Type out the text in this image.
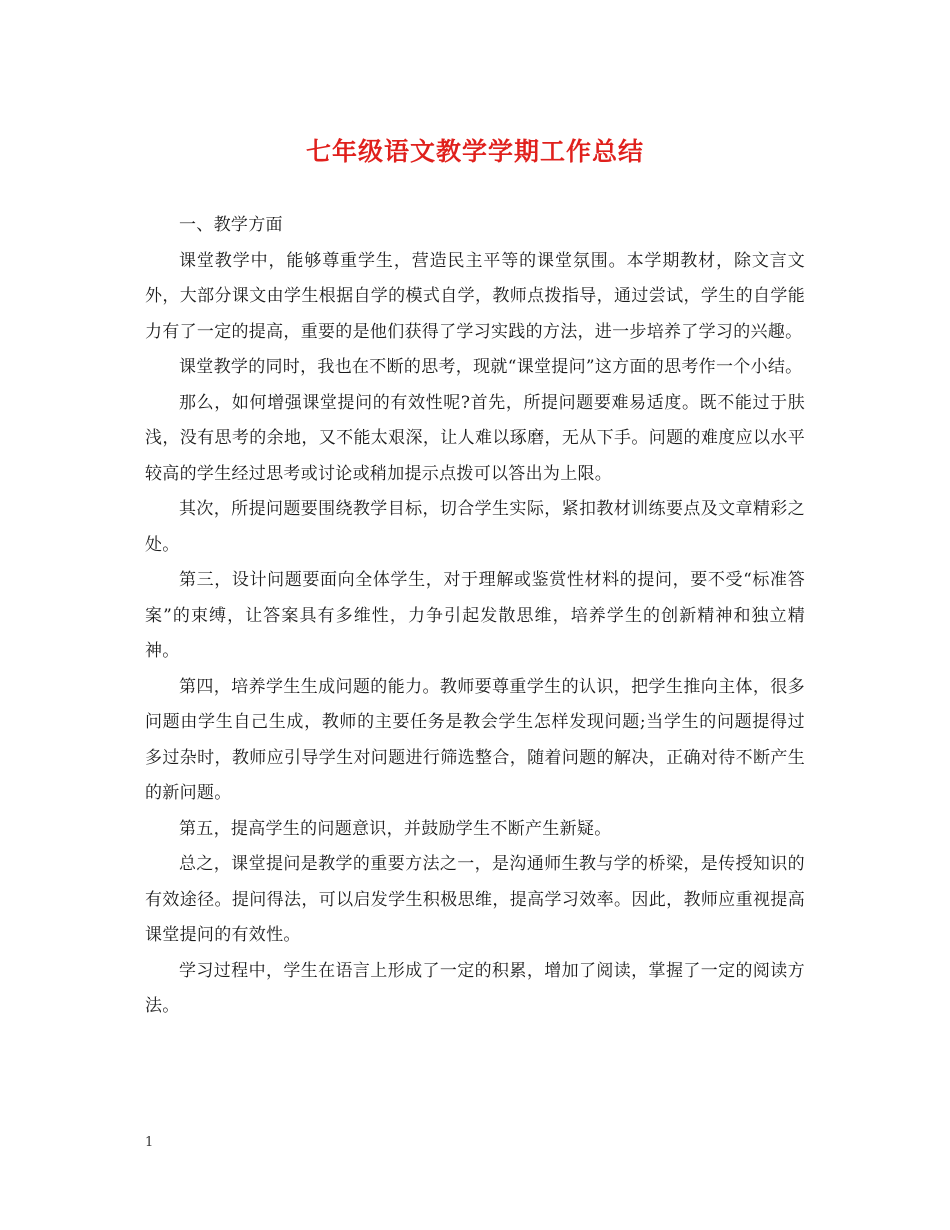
七年级语文教学学期工作总结

一、教学方面

课堂教学中，能够尊重学生，营造民主平等的课堂氛围。本学期教材，除文言文外，大部分课文由学生根据自学的模式自学，教师点拨指导，通过尝试，学生的自学能力有了一定的提高，重要的是他们获得了学习实践的方法，进一步培养了学习的兴趣。

课堂教学的同时，我也在不断的思考，现就“课堂提问”这方面的思考作一个小结。

那么，如何增强课堂提问的有效性呢?首先，所提问题要难易适度。既不能过于肤浅，没有思考的余地，又不能太艰深，让人难以琢磨，无从下手。问题的难度应以水平较高的学生经过思考或讨论或稍加提示点拨可以答出为上限。

其次，所提问题要围绕教学目标，切合学生实际，紧扣教材训练要点及文章精彩之处。

第三，设计问题要面向全体学生，对于理解或鉴赏性材料的提问，要不受“标准答案”的束缚，让答案具有多维性，力争引起发散思维，培养学生的创新精神和独立精神。

第四，培养学生生成问题的能力。教师要尊重学生的认识，把学生推向主体，很多问题由学生自己生成，教师的主要任务是教会学生怎样发现问题;当学生的问题提得过多过杂时，教师应引导学生对问题进行筛选整合，随着问题的解决，正确对待不断产生的新问题。

第五，提高学生的问题意识，并鼓励学生不断产生新疑。

总之，课堂提问是教学的重要方法之一，是沟通师生教与学的桥梁，是传授知识的有效途径。提问得法，可以启发学生积极思维，提高学习效率。因此，教师应重视提高课堂提问的有效性。

学习过程中，学生在语言上形成了一定的积累，增加了阅读，掌握了一定的阅读方法。

1
